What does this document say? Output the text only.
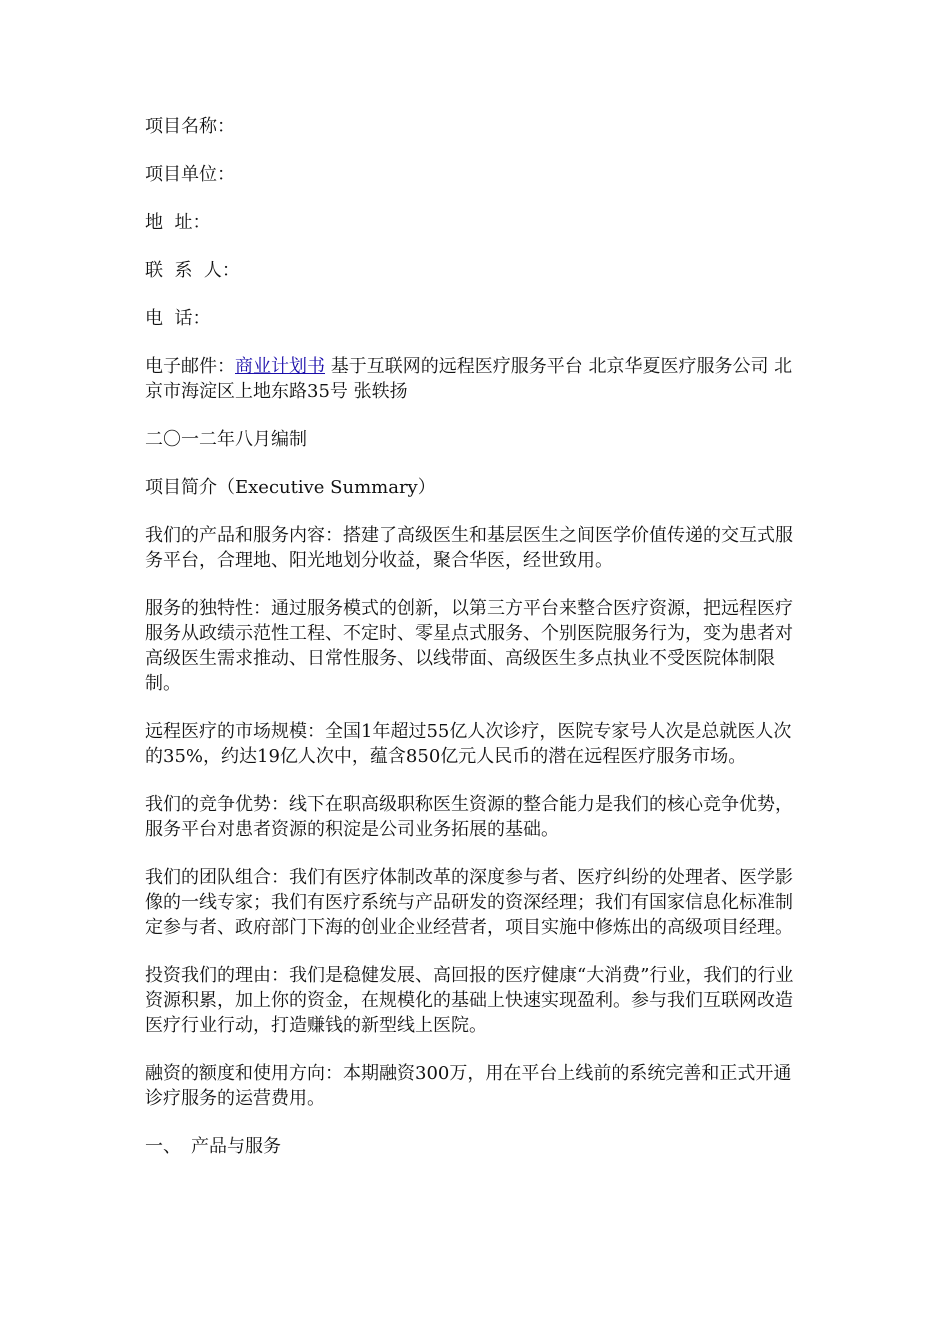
项目名称：

项目单位：

地  址：

联  系  人：

电  话：

电子邮件：商业计划书 基于互联网的远程医疗服务平台 北京华夏医疗服务公司 北京市海淀区上地东路35号 张轶扬

二〇一二年八月编制

项目简介（Executive Summary）

我们的产品和服务内容：搭建了高级医生和基层医生之间医学价值传递的交互式服务平台，合理地、阳光地划分收益，聚合华医，经世致用。

服务的独特性：通过服务模式的创新，以第三方平台来整合医疗资源，把远程医疗服务从政绩示范性工程、不定时、零星点式服务、个别医院服务行为，变为患者对高级医生需求推动、日常性服务、以线带面、高级医生多点执业不受医院体制限制。

远程医疗的市场规模：全国1年超过55亿人次诊疗，医院专家号人次是总就医人次的35%，约达19亿人次中，蕴含850亿元人民币的潜在远程医疗服务市场。

我们的竞争优势：线下在职高级职称医生资源的整合能力是我们的核心竞争优势，服务平台对患者资源的积淀是公司业务拓展的基础。

我们的团队组合：我们有医疗体制改革的深度参与者、医疗纠纷的处理者、医学影像的一线专家；我们有医疗系统与产品研发的资深经理；我们有国家信息化标准制定参与者、政府部门下海的创业企业经营者，项目实施中修炼出的高级项目经理。

投资我们的理由：我们是稳健发展、高回报的医疗健康“大消费”行业，我们的行业资源积累，加上你的资金，在规模化的基础上快速实现盈利。参与我们互联网改造医疗行业行动，打造赚钱的新型线上医院。

融资的额度和使用方向：本期融资300万，用在平台上线前的系统完善和正式开通诊疗服务的运营费用。

一、 产品与服务
